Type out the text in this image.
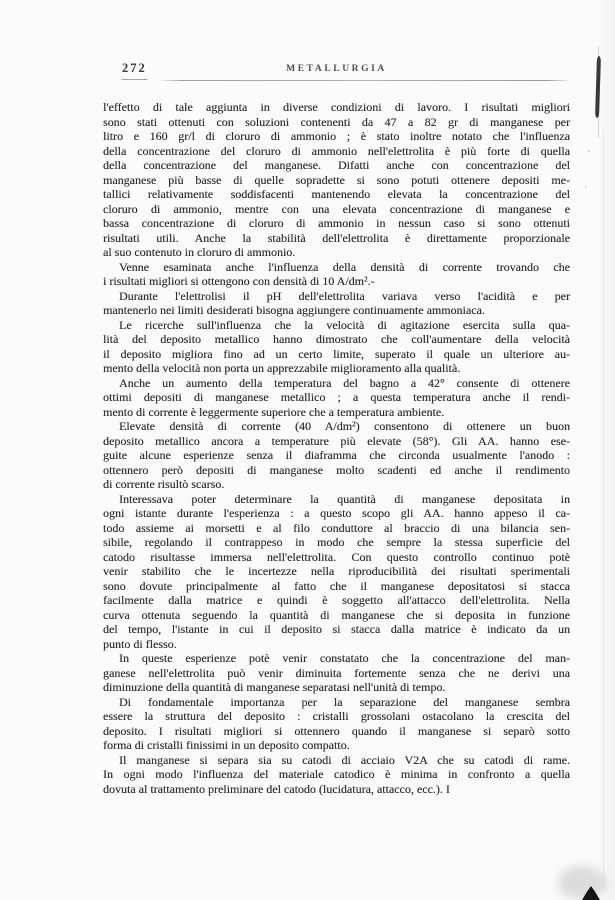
272	METALLURGIA
l'effetto di tale aggiunta in diverse condizioni di lavoro. I risultati migliori
sono stati ottenuti con soluzioni contenenti da 47 a 82 gr di manganese per
litro e 160 gr/l di cloruro di ammonio ; è stato inoltre notato che l'influenza
della concentrazione del cloruro di ammonio nell'elettrolita è più forte di quella
della concentrazione del manganese. Difatti anche con concentrazione del
manganese più basse di quelle sopradette si sono potuti ottenere depositi me-
tallici relativamente soddisfacenti mantenendo elevata la concentrazione del
cloruro di ammonio, mentre con una elevata concentrazione di manganese e
bassa concentrazione di cloruro di ammonio in nessun caso si sono ottenuti
risultati utili. Anche la stabilità dell'elettrolita è direttamente proporzionale
al suo contenuto in cloruro di ammonio.
Venne esaminata anche l'influenza della densità di corrente trovando che
i risultati migliori si ottengono con densità di 10 A/dm².-
Durante l'elettrolisi il pH dell'elettrolita variava verso l'acidità e per
mantenerlo nei limiti desiderati bisogna aggiungere continuamente ammoniaca.
Le ricerche sull'influenza che la velocità di agitazione esercita sulla qua-
lità del deposito metallico hanno dimostrato che coll'aumentare della velocità
il deposito migliora fino ad un certo limite, superato il quale un ulteriore au-
mento della velocità non porta un apprezzabile miglioramento alla qualità.
Anche un aumento della temperatura del bagno a 42° consente di ottenere
ottimi depositi di manganese metallico ; a questa temperatura anche il rendi-
mento di corrente è leggermente superiore che a temperatura ambiente.
Elevate densità di corrente (40 A/dm²) consentono di ottenere un buon
deposito metallico ancora a temperature più elevate (58°). Gli AA. hanno ese-
guite alcune esperienze senza il diaframma che circonda usualmente l'anodo :
ottennero però depositi di manganese molto scadenti ed anche il rendimento
di corrente risultò scarso.
Interessava poter determinare la quantità di manganese depositata in
ogni istante durante l'esperienza : a questo scopo gli AA. hanno appeso il ca-
todo assieme ai morsetti e al filo conduttore al braccio di una bilancia sen-
sibile, regolando il contrappeso in modo che sempre la stessa superficie del
catodo risultasse immersa nell'elettrolita. Con questo controllo continuo potè
venir stabilito che le incertezze nella riproducibilità dei risultati sperimentali
sono dovute principalmente al fatto che il manganese depositatosi si stacca
facilmente dalla matrice e quindi è soggetto all'attacco dell'elettrolita. Nella
curva ottenuta seguendo la quantità di manganese che si deposita in funzione
del tempo, l'istante in cui il deposito si stacca dalla matrice è indicato da un
punto di flesso.
In queste esperienze potè venir constatato che la concentrazione del man-
ganese nell'elettrolita può venir diminuita fortemente senza che ne derivi una
diminuzione della quantità di manganese separatasi nell'unità di tempo.
Di fondamentale importanza per la separazione del manganese sembra
essere la struttura del deposito : cristalli grossolani ostacolano la crescita del
deposito. I risultati migliori si ottennero quando il manganese si separò sotto
forma di cristalli finissimi in un deposito compatto.
Il manganese si separa sia su catodi di acciaio V2A che su catodi di rame.
In ogni modo l'influenza del materiale catodico è minima in confronto a quella
dovuta al trattamento preliminare del catodo (lucidatura, attacco, ecc.). I
